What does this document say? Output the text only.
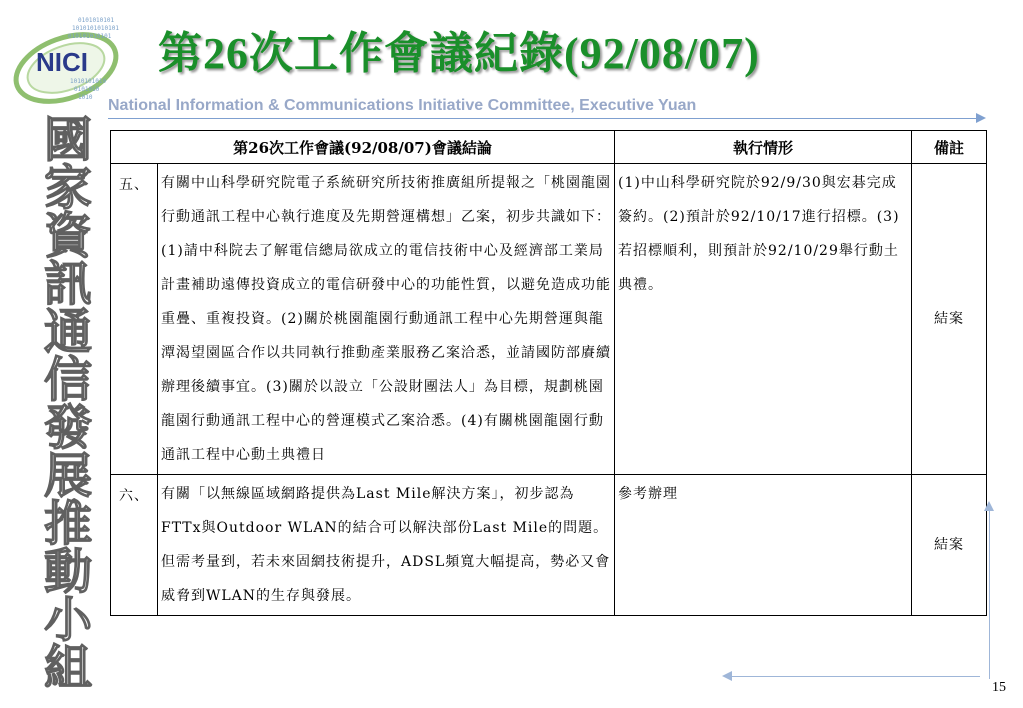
0101010101
1010101010101
010101010101
1010101010
0101010
1010
NICI 第26次工作會議紀錄(92/08/07)
National Information & Communications Initiative Committee, Executive Yuan
國
家
資
訊
通
信
發
展
推
動
小
組
第26次工作會議(92/08/07)會議結論		執行情形	備註
五、	有關中山科學研究院電子系統研究所技術推廣組所提報之「桃園龍園行動通訊工程中心執行進度及先期營運構想」乙案，初步共識如下：(1)請中科院去了解電信總局欲成立的電信技術中心及經濟部工業局計畫補助遠傳投資成立的電信研發中心的功能性質，以避免造成功能重疊、重複投資。(2)關於桃園龍園行動通訊工程中心先期營運與龍潭渴望園區合作以共同執行推動產業服務乙案洽悉，並請國防部賡續辦理後續事宜。(3)關於以設立「公設財團法人」為目標，規劃桃園龍園行動通訊工程中心的營運模式乙案洽悉。(4)有關桃園龍園行動通訊工程中心動土典禮日	(1)中山科學研究院於92/9/30與宏碁完成簽約。(2)預計於92/10/17進行招標。(3)若招標順利，則預計於92/10/29舉行動土典禮。	結案
六、	有關「以無線區域網路提供為Last Mile解決方案」，初步認為FTTx與Outdoor WLAN的結合可以解決部份Last Mile的問題。但需考量到，若未來固網技術提升，ADSL頻寬大幅提高，勢必又會威脅到WLAN的生存與發展。	參考辦理	結案
15
